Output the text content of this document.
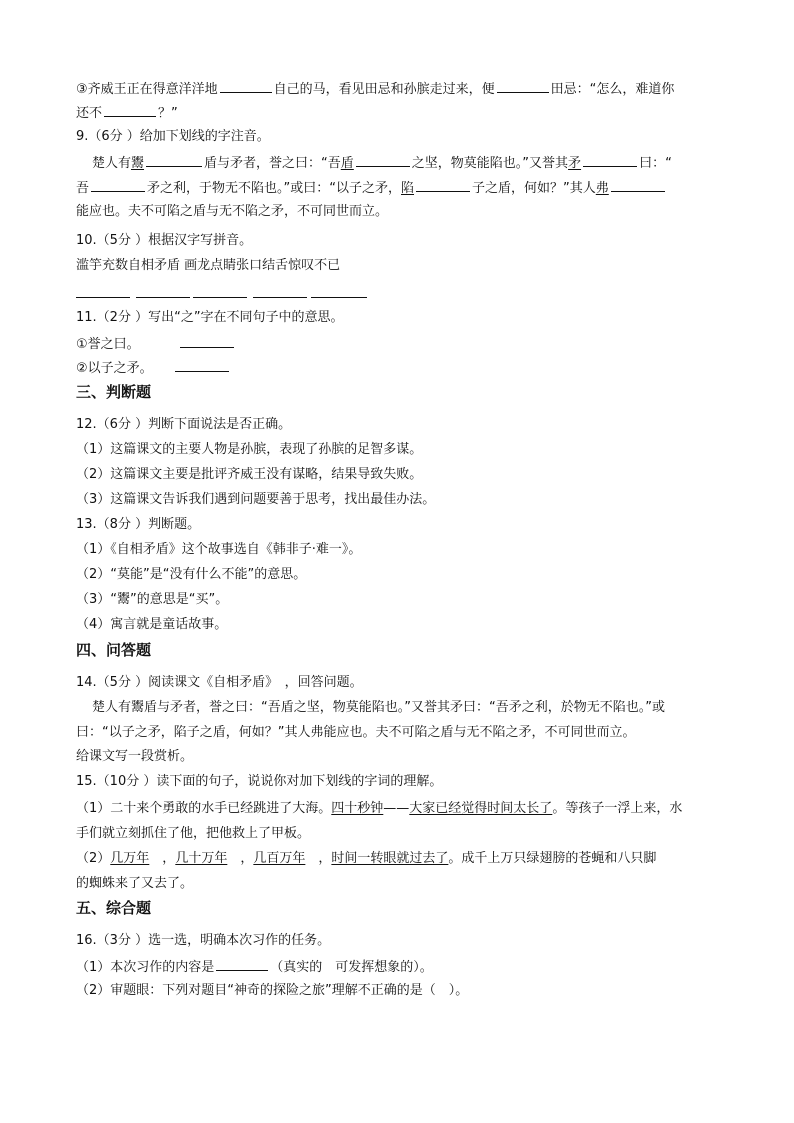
③齐威王正在得意洋洋地	自己的马，看见田忌和孙膑走过来，便	田忌：“怎么，难道你
还不	？”
9.（6分 ）给加下划线的字注音。
楚人有鬻	盾与矛者，誉之曰：“吾盾	之坚，物莫能陷也。”又誉其矛	曰：“
吾	矛之利，于物无不陷也。”或曰：“以子之矛，陷	子之盾，何如？”其人弗
能应也。夫不可陷之盾与无不陷之矛，不可同世而立。
10.（5分 ）根据汉字写拼音。
滥竽充数自相矛盾 画龙点睛张口结舌惊叹不已
11.（2分 ）写出“之”字在不同句子中的意思。
①誉之曰。
②以子之矛。
三、判断题
12.（6分 ）判断下面说法是否正确。
（1）这篇课文的主要人物是孙膑，表现了孙膑的足智多谋。
（2）这篇课文主要是批评齐威王没有谋略，结果导致失败。
（3）这篇课文告诉我们遇到问题要善于思考，找出最佳办法。
13.（8分 ）判断题。
（1）《自相矛盾》这个故事选自《韩非子·难一》。
（2）“莫能”是“没有什么不能”的意思。
（3）“鬻”的意思是“买”。
（4）寓言就是童话故事。
四、问答题
14.（5分 ）阅读课文《自相矛盾》　，回答问题。
楚人有鬻盾与矛者，誉之曰：“吾盾之坚，物莫能陷也。”又誉其矛曰：“吾矛之利，於物无不陷也。”或
曰：“以子之矛，陷子之盾，何如？”其人弗能应也。夫不可陷之盾与无不陷之矛，不可同世而立。
给课文写一段赏析。
15.（10分 ）读下面的句子，说说你对加下划线的字词的理解。
（1）二十来个勇敢的水手已经跳进了大海。四十秒钟——大家已经觉得时间太长了。等孩子一浮上来，水
手们就立刻抓住了他，把他救上了甲板。
（2）几万年　，几十万年　，几百万年　，时间一转眼就过去了。成千上万只绿翅膀的苍蝇和八只脚
的蜘蛛来了又去了。
五、综合题
16.（3分 ）选一选，明确本次习作的任务。
（1）本次习作的内容是	（真实的　可发挥想象的）。
（2）审题眼：下列对题目“神奇的探险之旅”理解不正确的是（　）。
